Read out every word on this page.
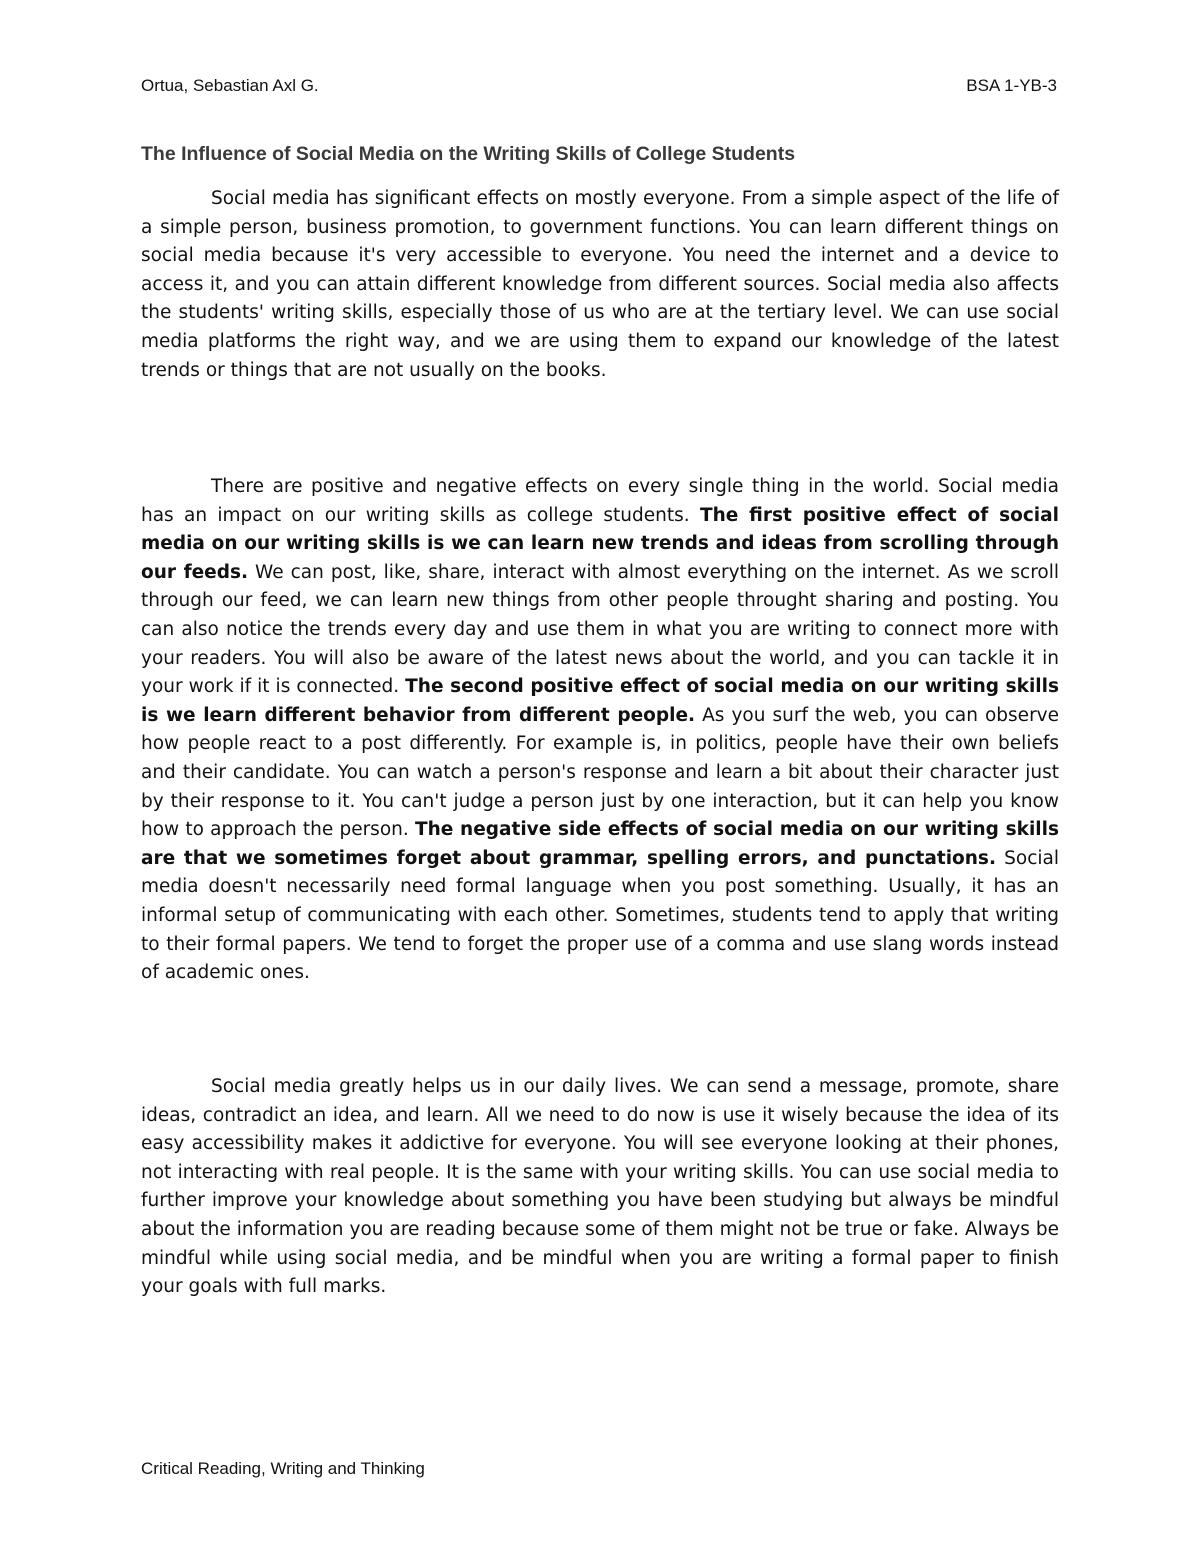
Ortua, Sebastian Axl G.	BSA 1-YB-3
The Influence of Social Media on the Writing Skills of College Students

Social media has significant effects on mostly everyone. From a simple aspect of the life of a simple person, business promotion, to government functions. You can learn different things on social media because it's very accessible to everyone. You need the internet and a device to access it, and you can attain different knowledge from different sources. Social media also affects the students' writing skills, especially those of us who are at the tertiary level. We can use social media platforms the right way, and we are using them to expand our knowledge of the latest trends or things that are not usually on the books.

There are positive and negative effects on every single thing in the world. Social media has an impact on our writing skills as college students. The first positive effect of social media on our writing skills is we can learn new trends and ideas from scrolling through our feeds. We can post, like, share, interact with almost everything on the internet. As we scroll through our feed, we can learn new things from other people throught sharing and posting. You can also notice the trends every day and use them in what you are writing to connect more with your readers. You will also be aware of the latest news about the world, and you can tackle it in your work if it is connected. The second positive effect of social media on our writing skills is we learn different behavior from different people. As you surf the web, you can observe how people react to a post differently. For example is, in politics, people have their own beliefs and their candidate. You can watch a person's response and learn a bit about their character just by their response to it. You can't judge a person just by one interaction, but it can help you know how to approach the person. The negative side effects of social media on our writing skills are that we sometimes forget about grammar, spelling errors, and punctations. Social media doesn't necessarily need formal language when you post something. Usually, it has an informal setup of communicating with each other. Sometimes, students tend to apply that writing to their formal papers. We tend to forget the proper use of a comma and use slang words instead of academic ones.

Social media greatly helps us in our daily lives. We can send a message, promote, share ideas, contradict an idea, and learn. All we need to do now is use it wisely because the idea of its easy accessibility makes it addictive for everyone. You will see everyone looking at their phones, not interacting with real people. It is the same with your writing skills. You can use social media to further improve your knowledge about something you have been studying but always be mindful about the information you are reading because some of them might not be true or fake. Always be mindful while using social media, and be mindful when you are writing a formal paper to finish your goals with full marks.

Critical Reading, Writing and Thinking
